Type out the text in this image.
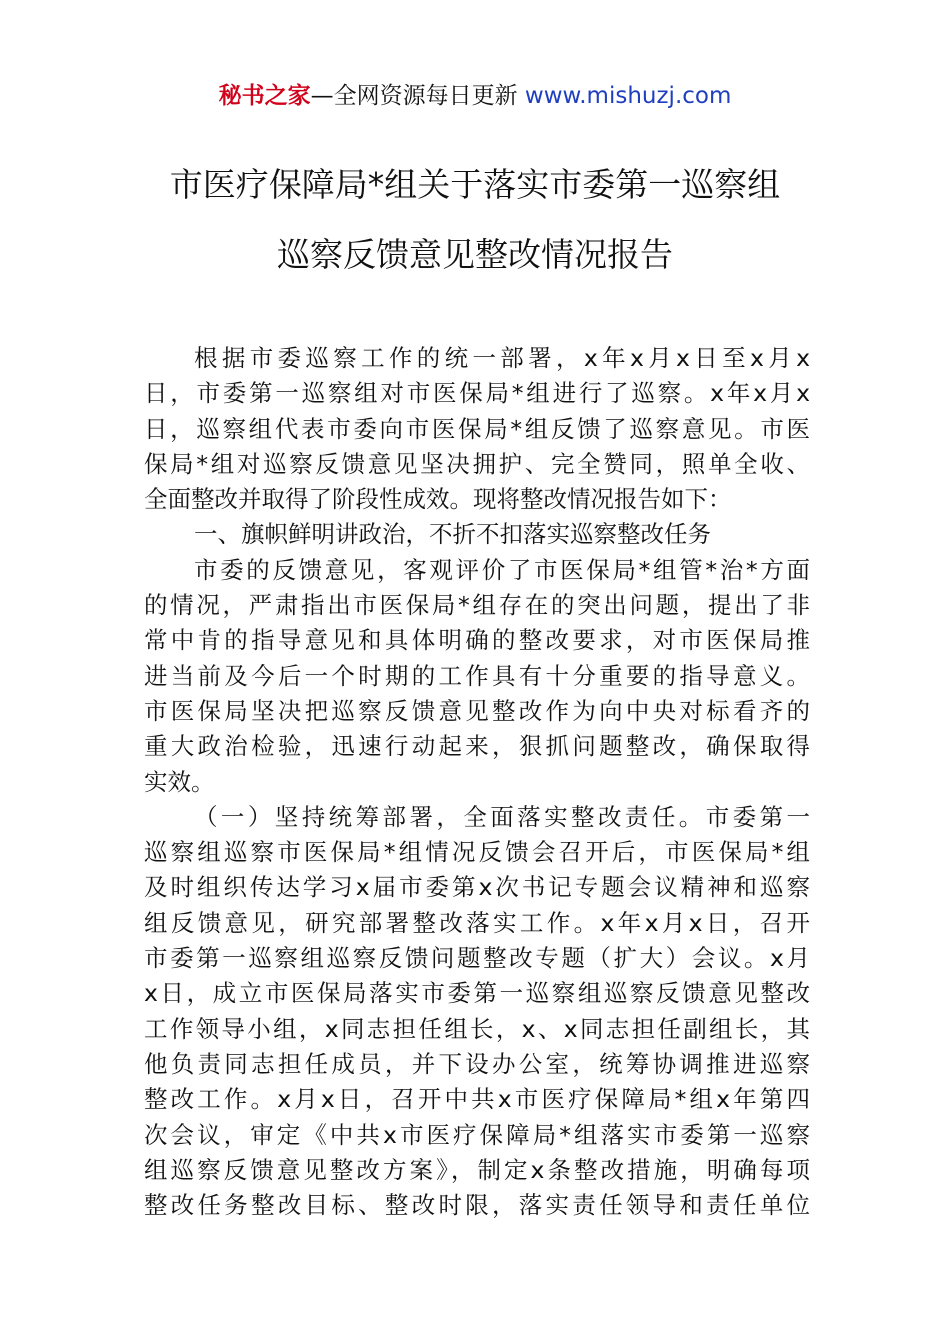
秘书之家—全网资源每日更新 www.mishuzj.com
市医疗保障局*组关于落实市委第一巡察组
巡察反馈意见整改情况报告
根据市委巡察工作的统一部署，x年x月x日至x月x
日，市委第一巡察组对市医保局*组进行了巡察。x年x月x
日，巡察组代表市委向市医保局*组反馈了巡察意见。市医
保局*组对巡察反馈意见坚决拥护、完全赞同，照单全收、
全面整改并取得了阶段性成效。现将整改情况报告如下：
一、旗帜鲜明讲政治，不折不扣落实巡察整改任务
市委的反馈意见，客观评价了市医保局*组管*治*方面
的情况，严肃指出市医保局*组存在的突出问题，提出了非
常中肯的指导意见和具体明确的整改要求，对市医保局推
进当前及今后一个时期的工作具有十分重要的指导意义。
市医保局坚决把巡察反馈意见整改作为向中央对标看齐的
重大政治检验，迅速行动起来，狠抓问题整改，确保取得
实效。
（一）坚持统筹部署，全面落实整改责任。市委第一
巡察组巡察市医保局*组情况反馈会召开后，市医保局*组
及时组织传达学习x届市委第x次书记专题会议精神和巡察
组反馈意见，研究部署整改落实工作。x年x月x日，召开
市委第一巡察组巡察反馈问题整改专题（扩大）会议。x月
x日，成立市医保局落实市委第一巡察组巡察反馈意见整改
工作领导小组，x同志担任组长，x、x同志担任副组长，其
他负责同志担任成员，并下设办公室，统筹协调推进巡察
整改工作。x月x日，召开中共x市医疗保障局*组x年第四
次会议，审定《中共x市医疗保障局*组落实市委第一巡察
组巡察反馈意见整改方案》，制定x条整改措施，明确每项
整改任务整改目标、整改时限，落实责任领导和责任单位
